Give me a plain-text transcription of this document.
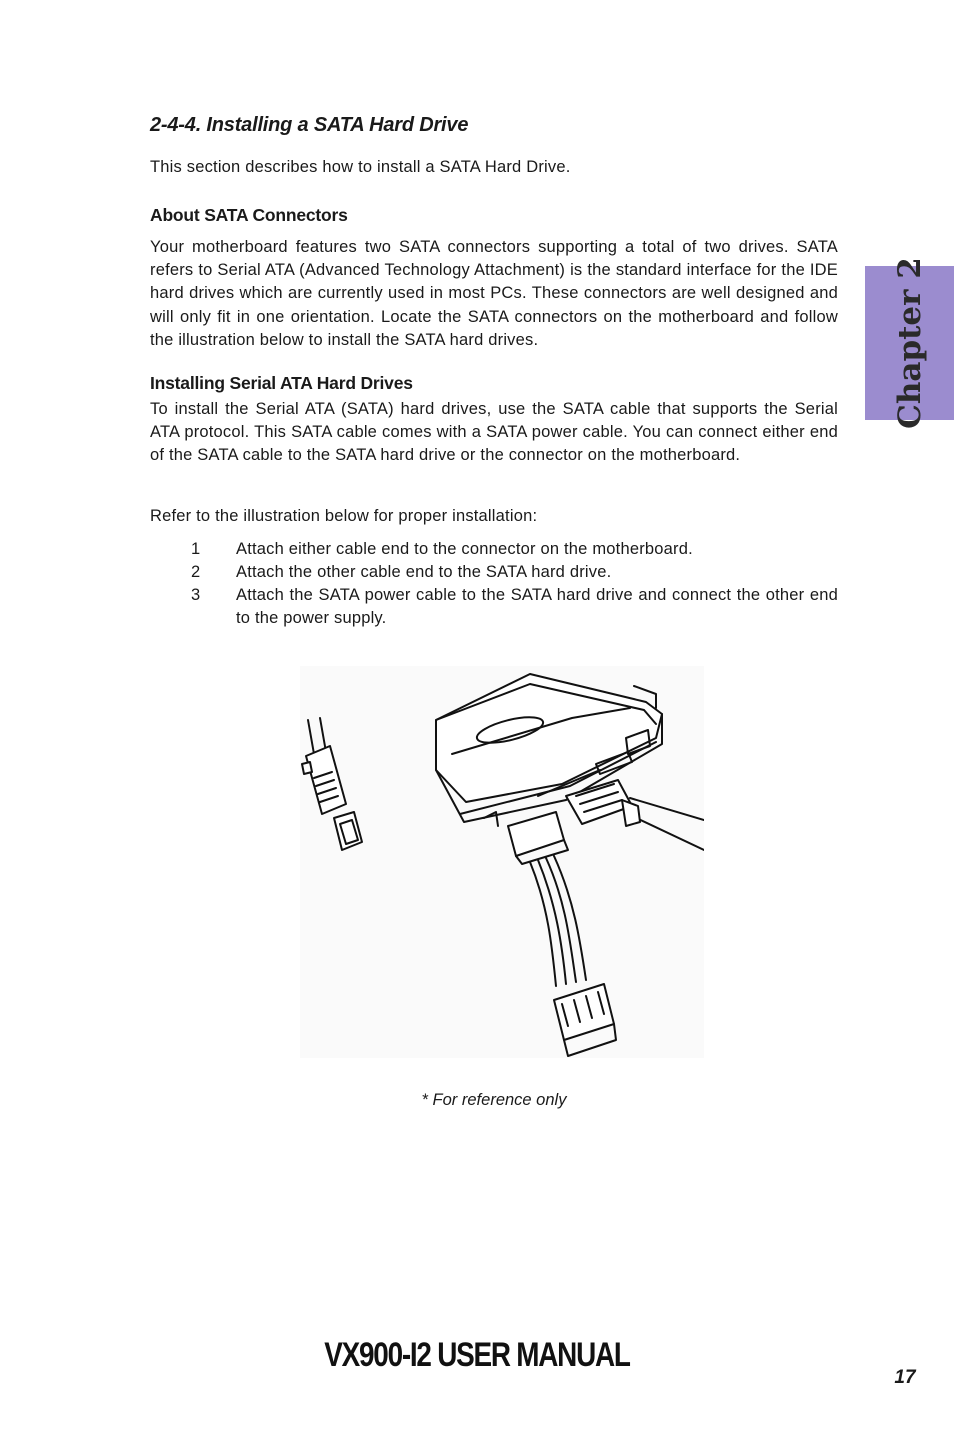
2-4-4. Installing a SATA Hard Drive
This section describes how to install a SATA Hard Drive.
About SATA Connectors
Your motherboard features two SATA connectors supporting a total of two drives. SATA refers to Serial ATA (Advanced Technology Attachment) is the standard interface for the IDE hard drives which are currently used in most PCs. These connectors are well designed and will only fit in one orientation. Locate the SATA connectors on the motherboard and follow the illustration below to install the SATA hard drives.
Installing Serial ATA Hard Drives
To install the Serial ATA (SATA) hard drives, use the SATA cable that supports the Serial ATA protocol. This SATA cable comes with a SATA power cable. You can connect either end of the SATA cable to the SATA hard drive or the connector on the motherboard.
Refer to the illustration below for proper installation:
1 Attach either cable end to the connector on the motherboard.
2 Attach the other cable end to the SATA hard drive.
3 Attach the SATA power cable to the SATA hard drive and connect the other end to the power supply.
Chapter 2
* For reference only
VX900-I2 USER MANUAL
17
